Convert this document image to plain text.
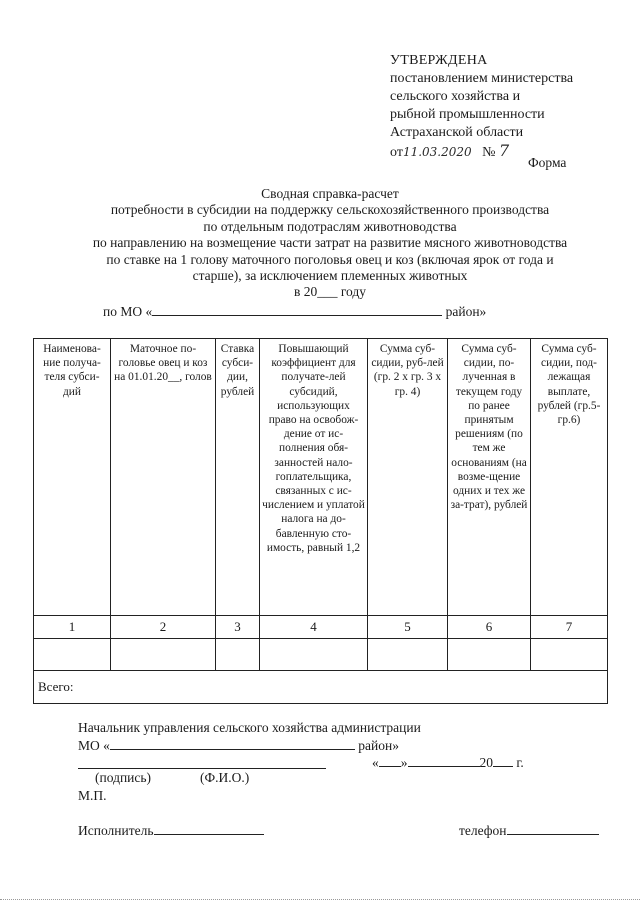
УТВЕРЖДЕНА
постановлением министерства
сельского хозяйства и
рыбной промышленности
Астраханской области
от11.03.2020 № 7
Форма
Сводная справка-расчет
потребности в субсидии на поддержку сельскохозяйственного производства
по отдельным подотраслям животноводства
по направлению на возмещение части затрат на развитие мясного животноводства
по ставке на 1 голову маточного поголовья овец и коз (включая ярок от года и
старше), за исключением племенных животных
в 20___ году
по МО «	район»
Наименова-ние получа-теля субси-дий	Маточное по-головье овец и коз на 01.01.20__, голов	Ставка субси-дии, рублей	Повышающий коэффициент для получате-лей субсидий, использующих право на освобож-дение от ис-полнения обя-занностей нало-гоплательщика, связанных с ис-числением и уплатой налога на до-бавленную сто-имость, равный 1,2	Сумма суб-сидии, руб-лей (гр. 2 х гр. 3 х гр. 4)	Сумма суб-сидии, по-лученная в текущем году по ранее принятым решениям (по тем же основаниям (на возме-щение одних и тех же за-трат), рублей	Сумма суб-сидии, под-лежащая выплате, рублей (гр.5-гр.6)
1	2	3	4	5	6	7

Всего:						
Начальник управления сельского хозяйства администрации
МО «	район»
« »	20 г.
(подпись)	(Ф.И.О.)
М.П.
Исполнитель	телефон
